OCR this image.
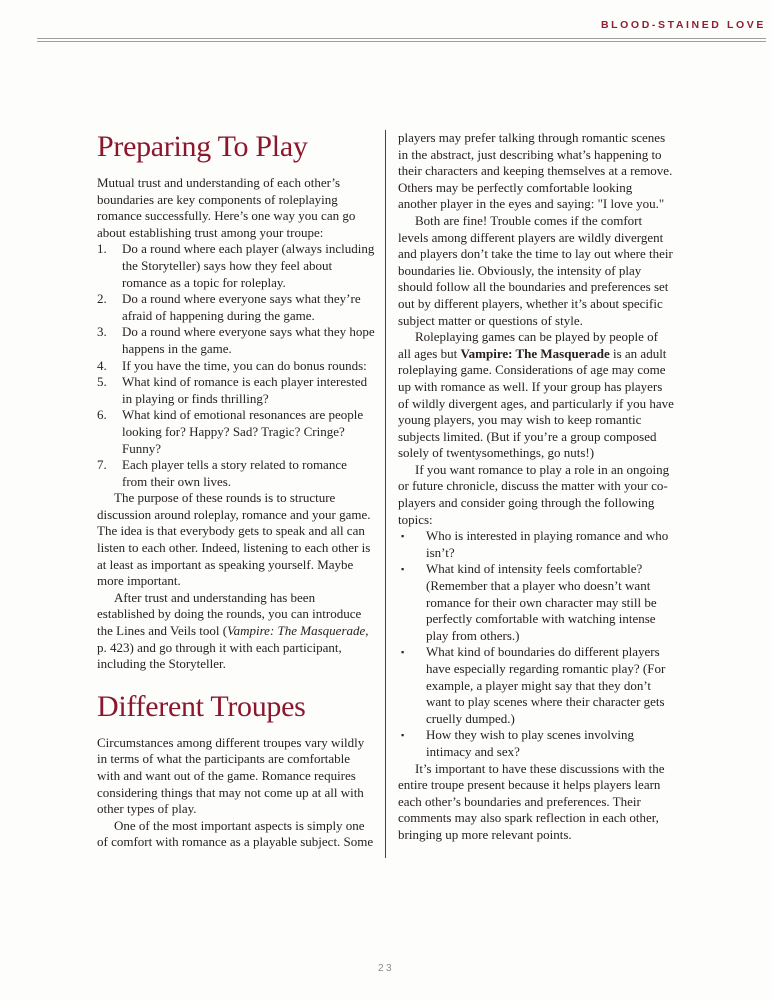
BLOOD-STAINED LOVE
Preparing To Play

Mutual trust and understanding of each other’s boundaries are key components of roleplaying romance successfully. Here’s one way you can go about establishing trust among your troupe:

1.	Do a round where each player (always including the Storyteller) says how they feel about romance as a topic for roleplay.
2.	Do a round where everyone says what they’re afraid of happening during the game.
3.	Do a round where everyone says what they hope happens in the game.
4.	If you have the time, you can do bonus rounds:
5.	What kind of romance is each player interested in playing or finds thrilling?
6.	What kind of emotional resonances are people looking for? Happy? Sad? Tragic? Cringe? Funny?
7.	Each player tells a story related to romance from their own lives.

The purpose of these rounds is to structure discussion around roleplay, romance and your game. The idea is that everybody gets to speak and all can listen to each other. Indeed, listening to each other is at least as important as speaking yourself. Maybe more important.

After trust and understanding has been established by doing the rounds, you can introduce the Lines and Veils tool (Vampire: The Masquerade, p. 423) and go through it with each participant, including the Storyteller.

Different Troupes

Circumstances among different troupes vary wildly in terms of what the participants are comfortable with and want out of the game. Romance requires considering things that may not come up at all with other types of play.

One of the most important aspects is simply one of comfort with romance as a playable subject. Some

players may prefer talking through romantic scenes in the abstract, just describing what’s happening to their characters and keeping themselves at a remove. Others may be perfectly comfortable looking another player in the eyes and saying: "I love you."

Both are fine! Trouble comes if the comfort levels among different players are wildly divergent and players don’t take the time to lay out where their boundaries lie. Obviously, the intensity of play should follow all the boundaries and preferences set out by different players, whether it’s about specific subject matter or questions of style.

Roleplaying games can be played by people of all ages but Vampire: The Masquerade is an adult roleplaying game. Considerations of age may come up with romance as well. If your group has players of wildly divergent ages, and particularly if you have young players, you may wish to keep romantic subjects limited. (But if you’re a group composed solely of twentysomethings, go nuts!)

If you want romance to play a role in an ongoing or future chronicle, discuss the matter with your co-players and consider going through the following topics:

▪	Who is interested in playing romance and who isn’t?
▪	What kind of intensity feels comfortable? (Remember that a player who doesn’t want romance for their own character may still be perfectly comfortable with watching intense play from others.)
▪	What kind of boundaries do different players have especially regarding romantic play? (For example, a player might say that they don’t want to play scenes where their character gets cruelly dumped.)
▪	How they wish to play scenes involving intimacy and sex?

It’s important to have these discussions with the entire troupe present because it helps players learn each other’s boundaries and preferences. Their comments may also spark reflection in each other, bringing up more relevant points.

23
